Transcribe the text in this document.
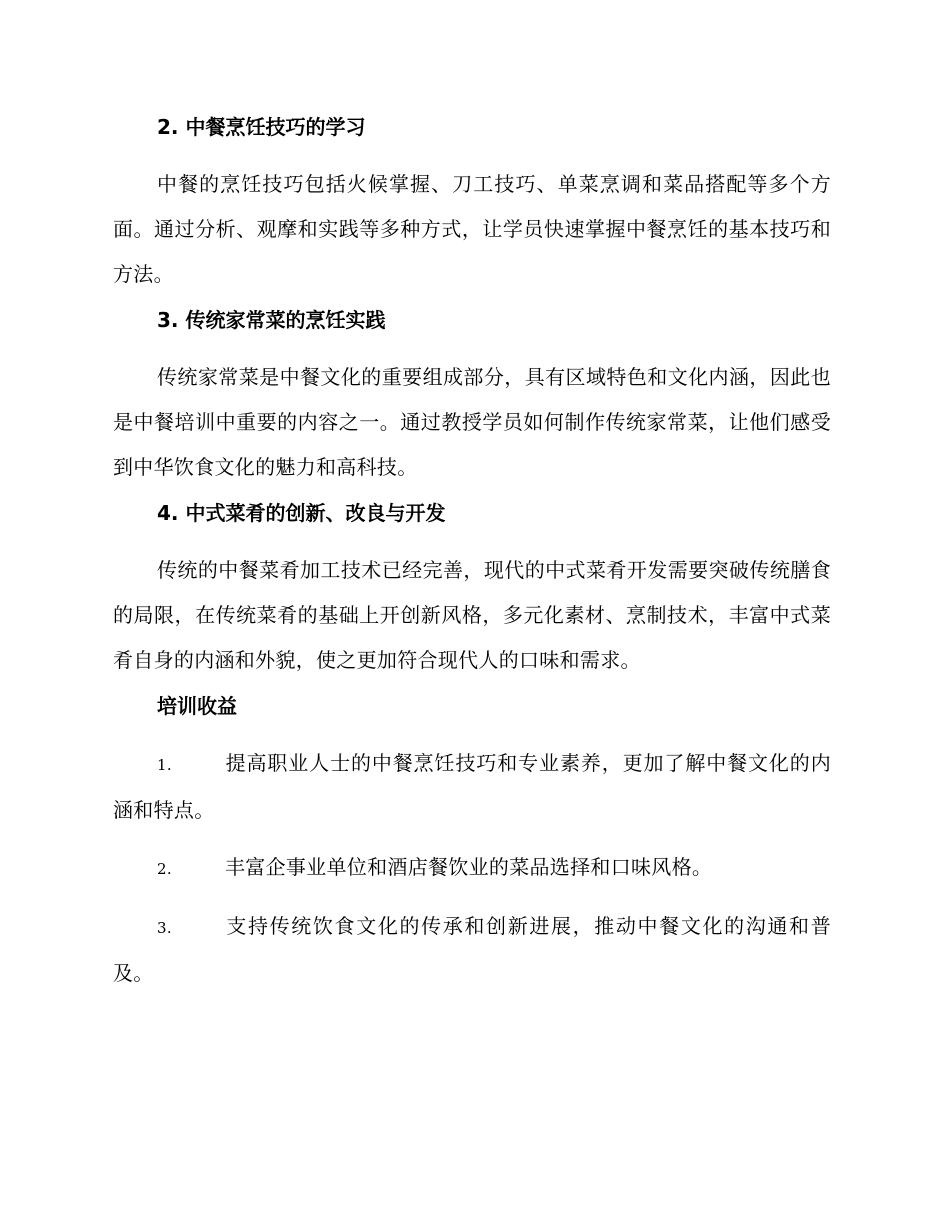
2. 中餐烹饪技巧的学习

中餐的烹饪技巧包括火候掌握、刀工技巧、单菜烹调和菜品搭配等多个方面。通过分析、观摩和实践等多种方式，让学员快速掌握中餐烹饪的基本技巧和方法。

3. 传统家常菜的烹饪实践

传统家常菜是中餐文化的重要组成部分，具有区域特色和文化内涵，因此也是中餐培训中重要的内容之一。通过教授学员如何制作传统家常菜，让他们感受到中华饮食文化的魅力和高科技。

4. 中式菜肴的创新、改良与开发

传统的中餐菜肴加工技术已经完善，现代的中式菜肴开发需要突破传统膳食的局限，在传统菜肴的基础上开创新风格，多元化素材、烹制技术，丰富中式菜肴自身的内涵和外貌，使之更加符合现代人的口味和需求。

培训收益

1.	提高职业人士的中餐烹饪技巧和专业素养，更加了解中餐文化的内涵和特点。

2.	丰富企事业单位和酒店餐饮业的菜品选择和口味风格。

3.	支持传统饮食文化的传承和创新进展，推动中餐文化的沟通和普及。
